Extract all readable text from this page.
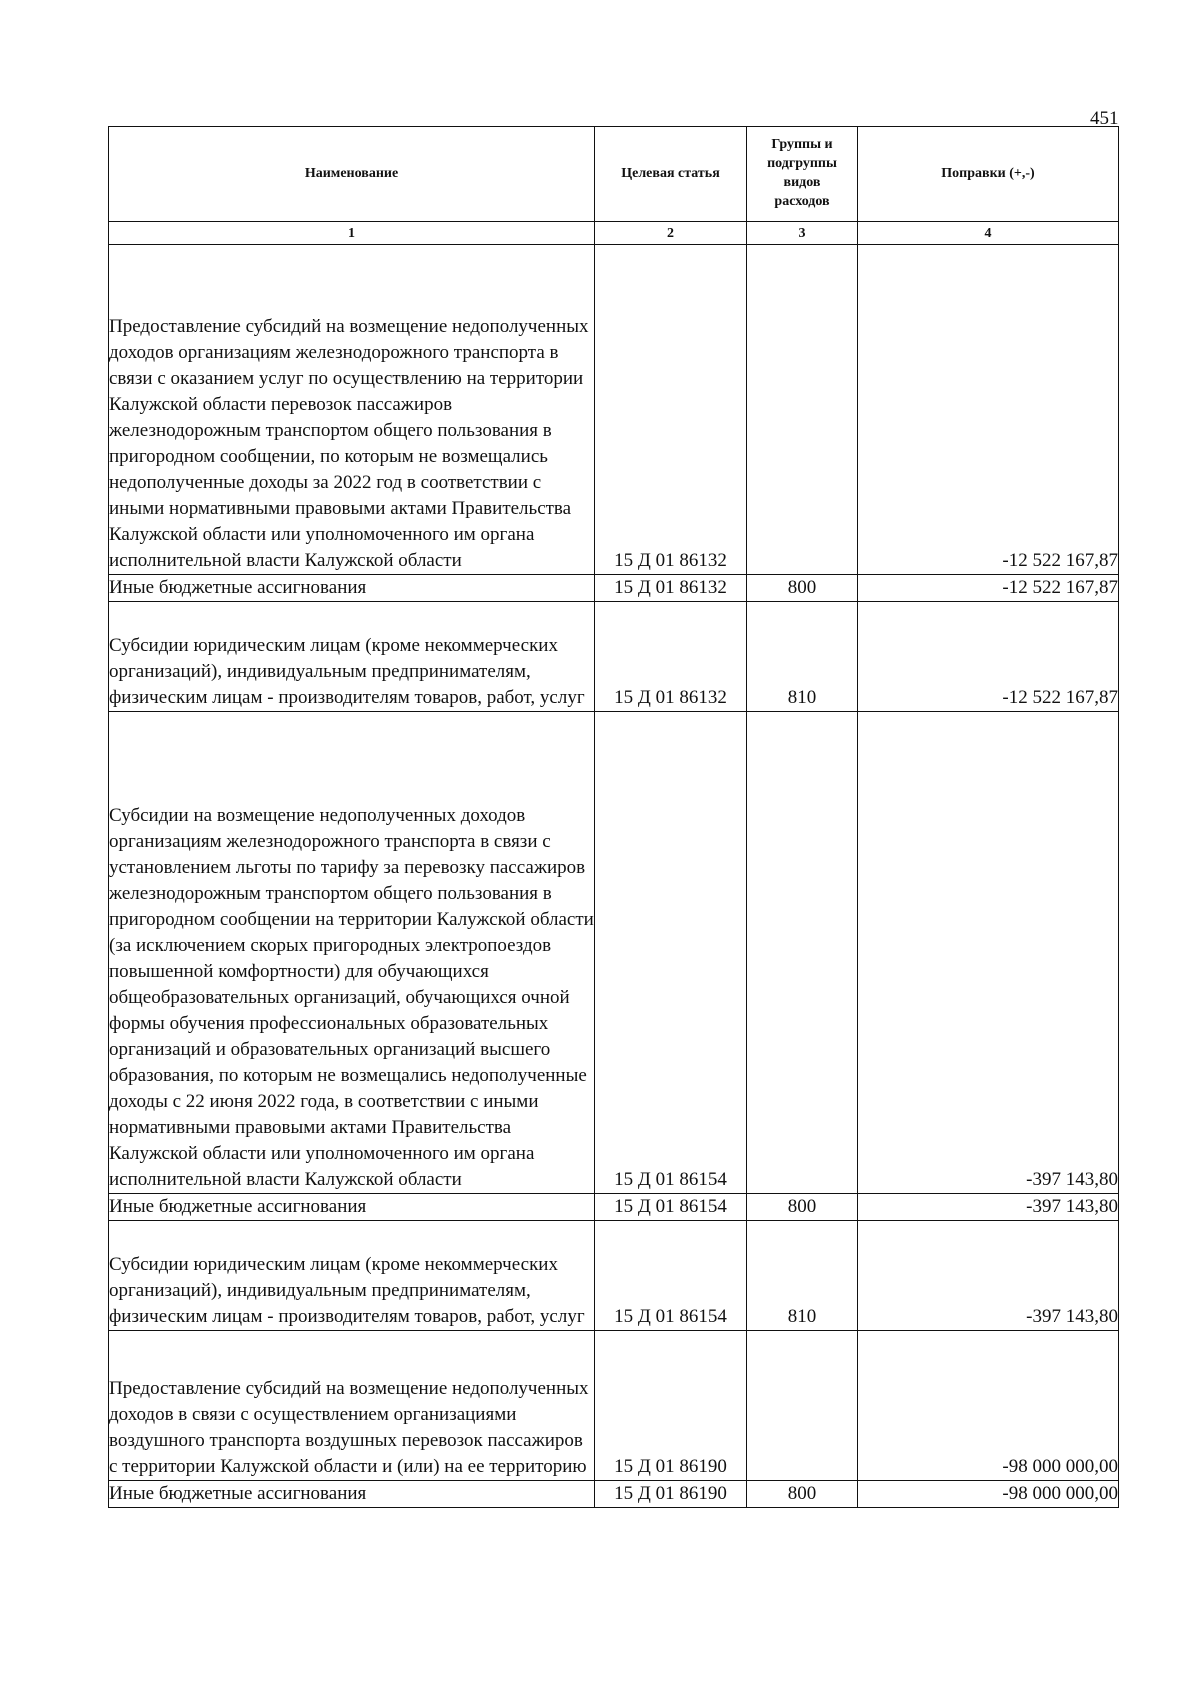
451
Наименование	Целевая статья	Группы и подгруппы видов расходов	Поправки (+,-)
1	2	3	4
Предоставление субсидий на возмещение недополученных доходов организациям железнодорожного транспорта в связи с оказанием услуг по осуществлению на территории Калужской области перевозок пассажиров железнодорожным транспортом общего пользования в пригородном сообщении, по которым не возмещались недополученные доходы за 2022 год в соответствии с иными нормативными правовыми актами Правительства Калужской области или уполномоченного им органа исполнительной власти Калужской области	15 Д 01 86132		-12 522 167,87
Иные бюджетные ассигнования	15 Д 01 86132	800	-12 522 167,87
Субсидии юридическим лицам (кроме некоммерческих организаций), индивидуальным предпринимателям, физическим лицам - производителям товаров, работ, услуг	15 Д 01 86132	810	-12 522 167,87
Субсидии на возмещение недополученных доходов организациям железнодорожного транспорта в связи с установлением льготы по тарифу за перевозку пассажиров железнодорожным транспортом общего пользования в пригородном сообщении на территории Калужской области (за исключением скорых пригородных электропоездов повышенной комфортности) для обучающихся общеобразовательных организаций, обучающихся очной формы обучения профессиональных образовательных организаций и образовательных организаций высшего образования, по которым не возмещались недополученные доходы с 22 июня 2022 года, в соответствии с иными нормативными правовыми актами Правительства Калужской области или уполномоченного им органа исполнительной власти Калужской области	15 Д 01 86154		-397 143,80
Иные бюджетные ассигнования	15 Д 01 86154	800	-397 143,80
Субсидии юридическим лицам (кроме некоммерческих организаций), индивидуальным предпринимателям, физическим лицам - производителям товаров, работ, услуг	15 Д 01 86154	810	-397 143,80
Предоставление субсидий на возмещение недополученных доходов в связи с осуществлением организациями воздушного транспорта воздушных перевозок пассажиров с территории Калужской области и (или) на ее территорию	15 Д 01 86190		-98 000 000,00
Иные бюджетные ассигнования	15 Д 01 86190	800	-98 000 000,00
